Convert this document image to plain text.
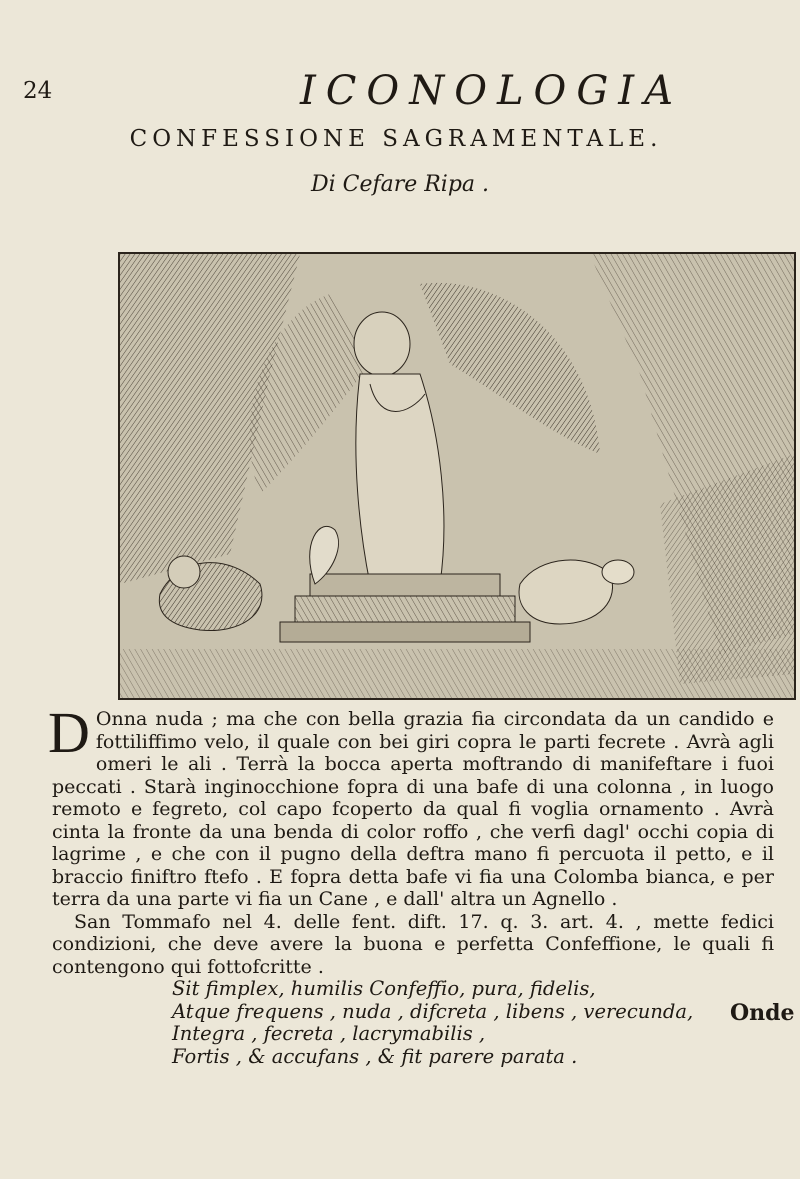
24	ICONOLOGIA
CONFESSIONE SAGRAMENTALE.
Di Cefare Ripa .

D Onna nuda ; ma che con bella grazia fia circondata da un candido e fottiliffimo velo, il quale con bei giri copra le parti fecrete . Avrà agli omeri le ali . Terrà la bocca aperta moftrando di manifeftare i fuoi peccati . Starà inginocchione fopra di una bafe di una colonna , in luogo remoto e fegreto, col capo fcoperto da qual fi voglia ornamento . Avrà cinta la fronte da una benda di color roffo , che verfi dagl' occhi copia di lagrime , e che con il pugno della deftra mano fi percuota il petto, e il braccio finiftro ftefo . E fopra detta bafe vi fia una Colomba bianca, e per terra da una parte vi fia un Cane , e dall' altra un Agnello .

San Tommafo nel 4. delle fent. dift. 17. q. 3. art. 4. , mette fedici condizioni, che deve avere la buona e perfetta Confeffione, le quali fi contengono qui fottofcritte .

Sit fimplex, humilis Confeffio, pura, fidelis,

Atque frequens , nuda , difcreta , libens , verecunda,

Integra , fecreta , lacrymabilis ,

Fortis , & accufans , & fit parere parata .

Onde
